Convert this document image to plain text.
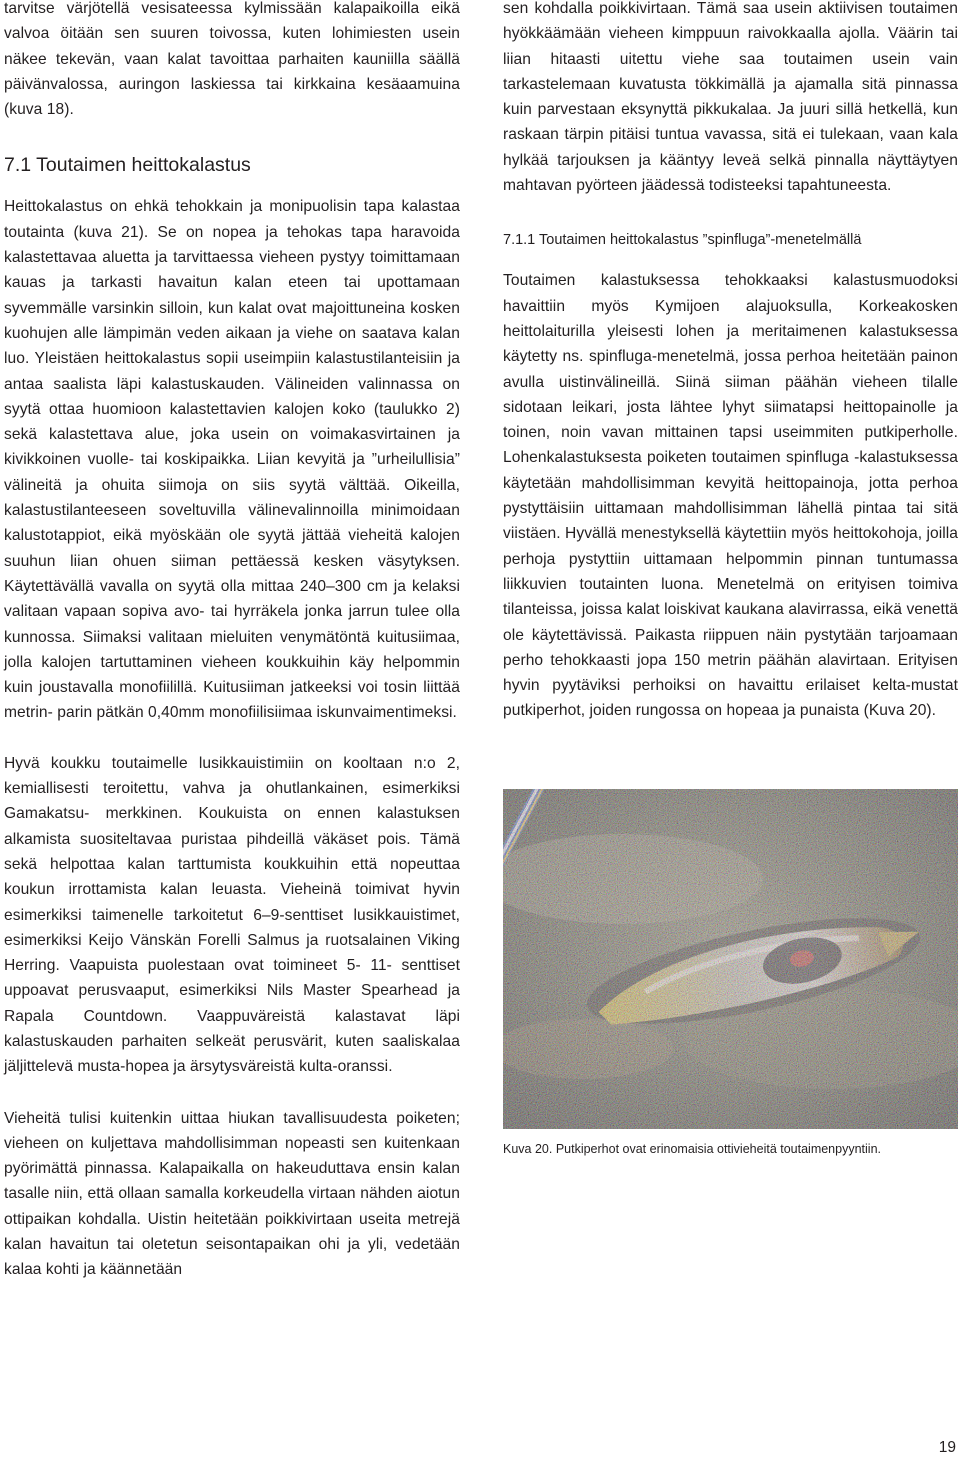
tarvitse värjötellä vesisateessa kylmissään kalapaikoilla eikä valvoa öitään sen suuren toivossa, kuten lohimiesten usein näkee tekevän, vaan kalat tavoittaa parhaiten kauniilla säällä päivänvalossa, auringon laskiessa tai kirkkaina kesäaamuina (kuva 18).

7.1 Toutaimen heittokalastus

Heittokalastus on ehkä tehokkain ja monipuolisin tapa kalastaa toutainta (kuva 21). Se on nopea ja tehokas tapa haravoida kalastettavaa aluetta ja tarvittaessa vieheen pystyy toimittamaan kauas ja tarkasti havaitun kalan eteen tai upottamaan syvemmälle varsinkin silloin, kun kalat ovat majoittuneina kosken kuohujen alle lämpimän veden aikaan ja viehe on saatava kalan luo. Yleistäen heittokalastus sopii useimpiin kalastustilanteisiin ja antaa saalista läpi kalastuskauden. Välineiden valinnassa on syytä ottaa huomioon kalastettavien kalojen koko (taulukko 2) sekä kalastettava alue, joka usein on voimakasvirtainen ja kivikkoinen vuolle- tai koskipaikka. Liian kevyitä ja ”urheilullisia” välineitä ja ohuita siimoja on siis syytä välttää. Oikeilla, kalastustilanteeseen soveltuvilla välinevalinnoilla minimoidaan kalustotappiot, eikä myöskään ole syytä jättää vieheitä kalojen suuhun liian ohuen siiman pettäessä kesken väsytyksen. Käytettävällä vavalla on syytä olla mittaa 240–300 cm ja kelaksi valitaan vapaan sopiva avo- tai hyrräkela jonka jarrun tulee olla kunnossa. Siimaksi valitaan mieluiten venymätöntä kuitusiimaa, jolla kalojen tartuttaminen vieheen koukkuihin käy helpommin kuin joustavalla monofiilillä. Kuitusiiman jatkeeksi voi tosin liittää metrin- parin pätkän 0,40mm monofiilisiimaa iskunvaimentimeksi.

Hyvä koukku toutaimelle lusikkauistimiin on kooltaan n:o 2, kemiallisesti teroitettu, vahva ja ohutlankainen, esimerkiksi Gamakatsu- merkkinen. Koukuista on ennen kalastuksen alkamista suositeltavaa puristaa pihdeillä väkäset pois. Tämä sekä helpottaa kalan tarttumista koukkuihin että nopeuttaa koukun irrottamista kalan leuasta. Vieheinä toimivat hyvin esimerkiksi taimenelle tarkoitetut 6–9-senttiset lusikkauistimet, esimerkiksi Keijo Vänskän Forelli Salmus ja ruotsalainen Viking Herring. Vaapuista puolestaan ovat toimineet 5- 11- senttiset uppoavat perusvaaput, esimerkiksi Nils Master Spearhead ja Rapala Countdown. Vaappuväreistä kalastavat läpi kalastuskauden parhaiten selkeät perusvärit, kuten saaliskalaa jäljittelevä musta-hopea ja ärsytysväreistä kulta-oranssi.

Vieheitä tulisi kuitenkin uittaa hiukan tavallisuudesta poiketen; vieheen on kuljettava mahdollisimman nopeasti sen kuitenkaan pyörimättä pinnassa. Kalapaikalla on hakeuduttava ensin kalan tasalle niin, että ollaan samalla korkeudella virtaan nähden aiotun ottipaikan kohdalla. Uistin heitetään poikkivirtaan useita metrejä kalan havaitun tai oletetun seisontapaikan ohi ja yli, vedetään kalaa kohti ja käännetään

sen kohdalla poikkivirtaan. Tämä saa usein aktiivisen toutaimen hyökkäämään vieheen kimppuun raivokkaalla ajolla. Väärin tai liian hitaasti uitettu viehe saa toutaimen usein vain tarkastelemaan kuvatusta tökkimällä ja ajamalla sitä pinnassa kuin parvestaan eksynyttä pikkukalaa. Ja juuri sillä hetkellä, kun raskaan tärpin pitäisi tuntua vavassa, sitä ei tulekaan, vaan kala hylkää tarjouksen ja kääntyy leveä selkä pinnalla näyttäytyen mahtavan pyörteen jäädessä todisteeksi tapahtuneesta.

7.1.1 Toutaimen heittokalastus ”spinfluga”-menetelmällä

Toutaimen kalastuksessa tehokkaaksi kalastusmuodoksi havaittiin myös Kymijoen alajuoksulla, Korkeakosken heittolaiturilla yleisesti lohen ja meritaimenen kalastuksessa käytetty ns. spinfluga-menetelmä, jossa perhoa heitetään painon avulla uistinvälineillä. Siinä siiman päähän vieheen tilalle sidotaan leikari, josta lähtee lyhyt siimatapsi heittopainolle ja toinen, noin vavan mittainen tapsi useimmiten putkiperholle. Lohenkalastuksesta poiketen toutaimen spinfluga -kalastuksessa käytetään mahdollisimman kevyitä heittopainoja, jotta perhoa pystyttäisiin uittamaan mahdollisimman lähellä pintaa tai sitä viistäen. Hyvällä menestyksellä käytettiin myös heittokohoja, joilla perhoja pystyttiin uittamaan helpommin pinnan tuntumassa liikkuvien toutainten luona. Menetelmä on erityisen toimiva tilanteissa, joissa kalat loiskivat kaukana alavirrassa, eikä venettä ole käytettävissä. Paikasta riippuen näin pystytään tarjoamaan perho tehokkaasti jopa 150 metrin päähän alavirtaan. Erityisen hyvin pyytäviksi perhoiksi on havaittu erilaiset kelta-mustat putkiperhot, joiden rungossa on hopeaa ja punaista (Kuva 20).

Kuva 20. Putkiperhot ovat erinomaisia ottivieheitä toutaimenpyyntiin.

19
